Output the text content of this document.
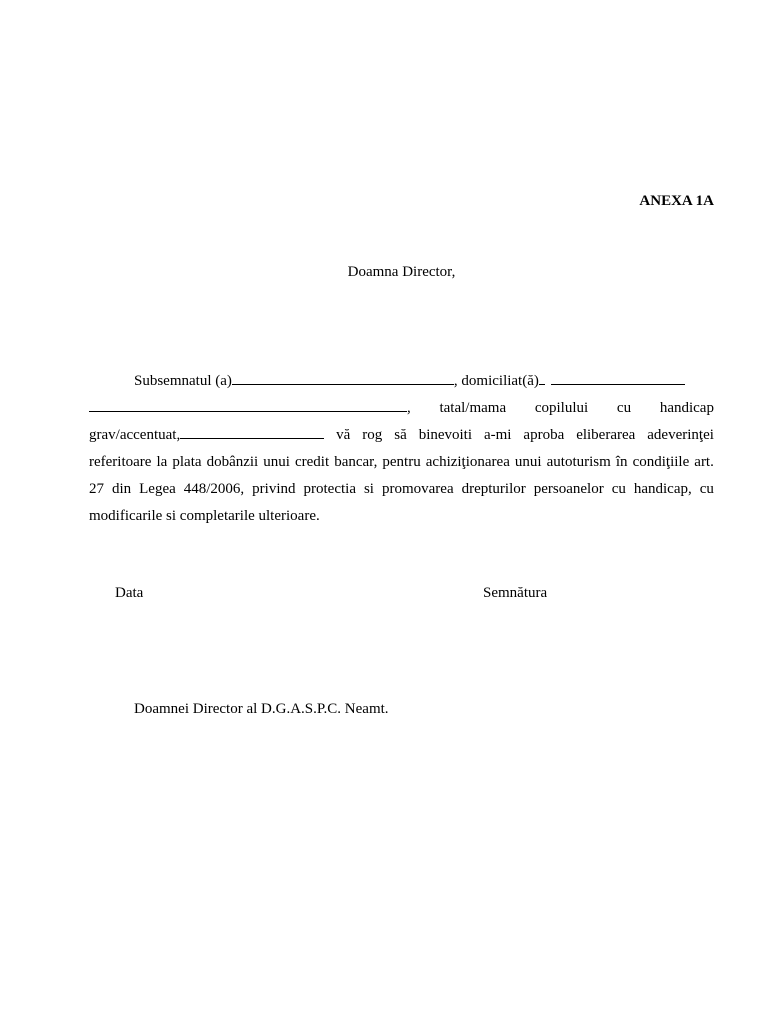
ANEXA 1A
Doamna Director,
Subsemnatul (a)	, domiciliat(ă)
, tatal/mama copilului cu handicap
grav/accentuat,	vă rog să binevoiti a-mi aproba eliberarea adeverinţei
referitoare la plata dobânzii unui credit bancar, pentru achiziţionarea unui autoturism în condiţiile art.
27 din Legea 448/2006, privind protectia si promovarea drepturilor persoanelor cu handicap, cu
modificarile si completarile ulterioare.
Data	Semnătura
Doamnei Director al D.G.A.S.P.C. Neamt.
